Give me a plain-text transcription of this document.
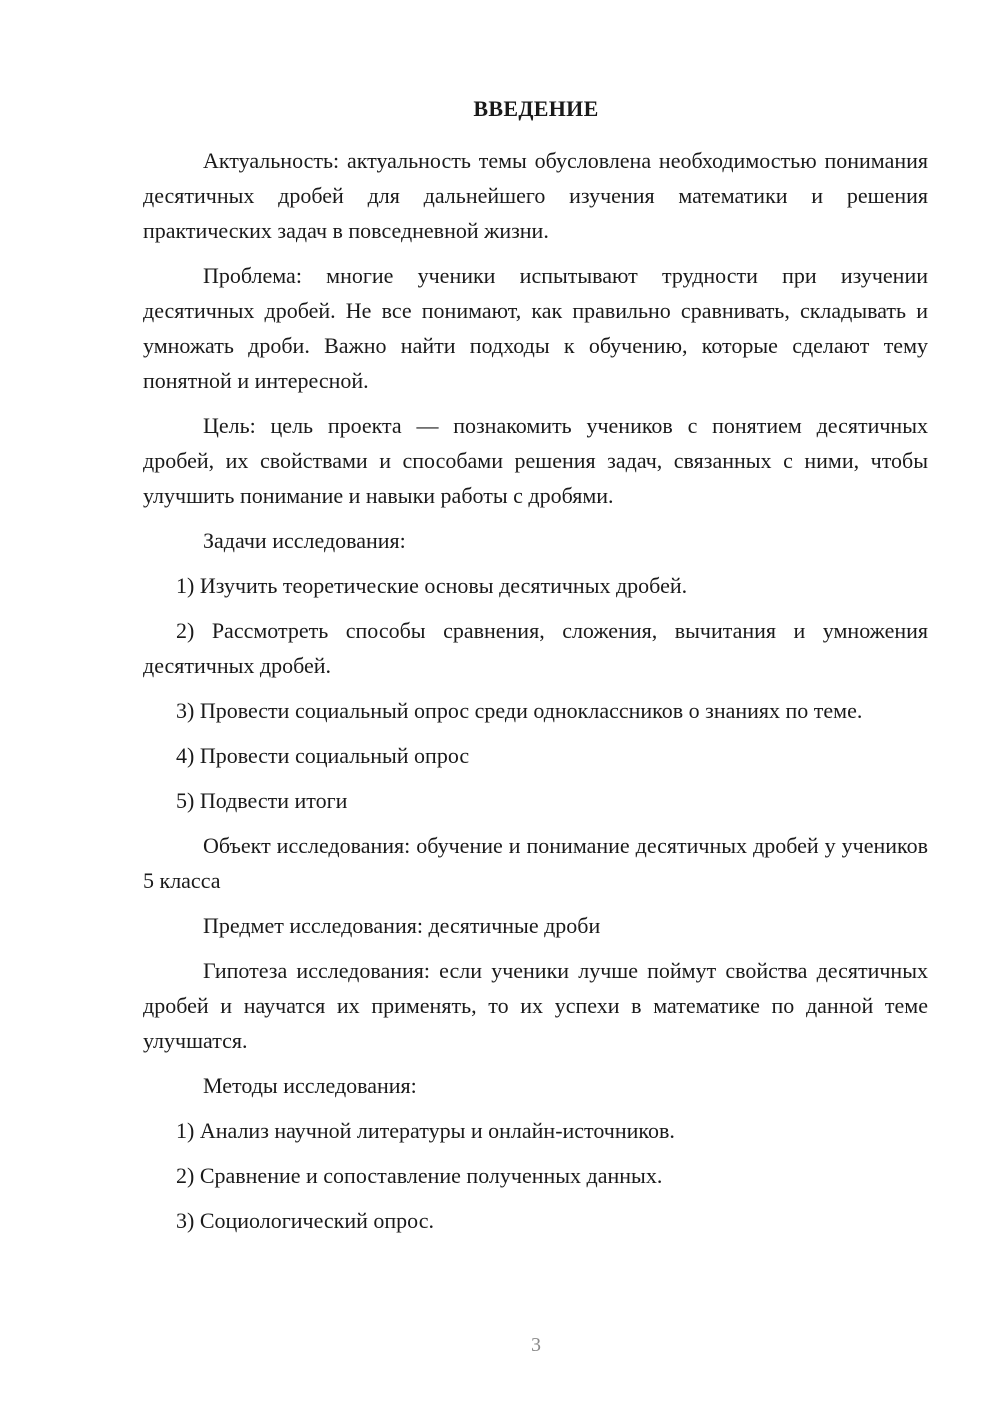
ВВЕДЕНИЕ

Актуальность: актуальность темы обусловлена необходимостью понимания десятичных дробей для дальнейшего изучения математики и решения практических задач в повседневной жизни.

Проблема: многие ученики испытывают трудности при изучении десятичных дробей. Не все понимают, как правильно сравнивать, складывать и умножать дроби. Важно найти подходы к обучению, которые сделают тему понятной и интересной.

Цель: цель проекта — познакомить учеников с понятием десятичных дробей, их свойствами и способами решения задач, связанных с ними, чтобы улучшить понимание и навыки работы с дробями.

Задачи исследования:

1) Изучить теоретические основы десятичных дробей.

2) Рассмотреть способы сравнения, сложения, вычитания и умножения десятичных дробей.

3) Провести социальный опрос среди одноклассников о знаниях по теме.

4) Провести социальный опрос

5) Подвести итоги

Объект исследования: обучение и понимание десятичных дробей у учеников 5 класса

Предмет исследования: десятичные дроби

Гипотеза исследования: если ученики лучше поймут свойства десятичных дробей и научатся их применять, то их успехи в математике по данной теме улучшатся.

Методы исследования:

1) Анализ научной литературы и онлайн-источников.

2) Сравнение и сопоставление полученных данных.

3) Социологический опрос.

3
